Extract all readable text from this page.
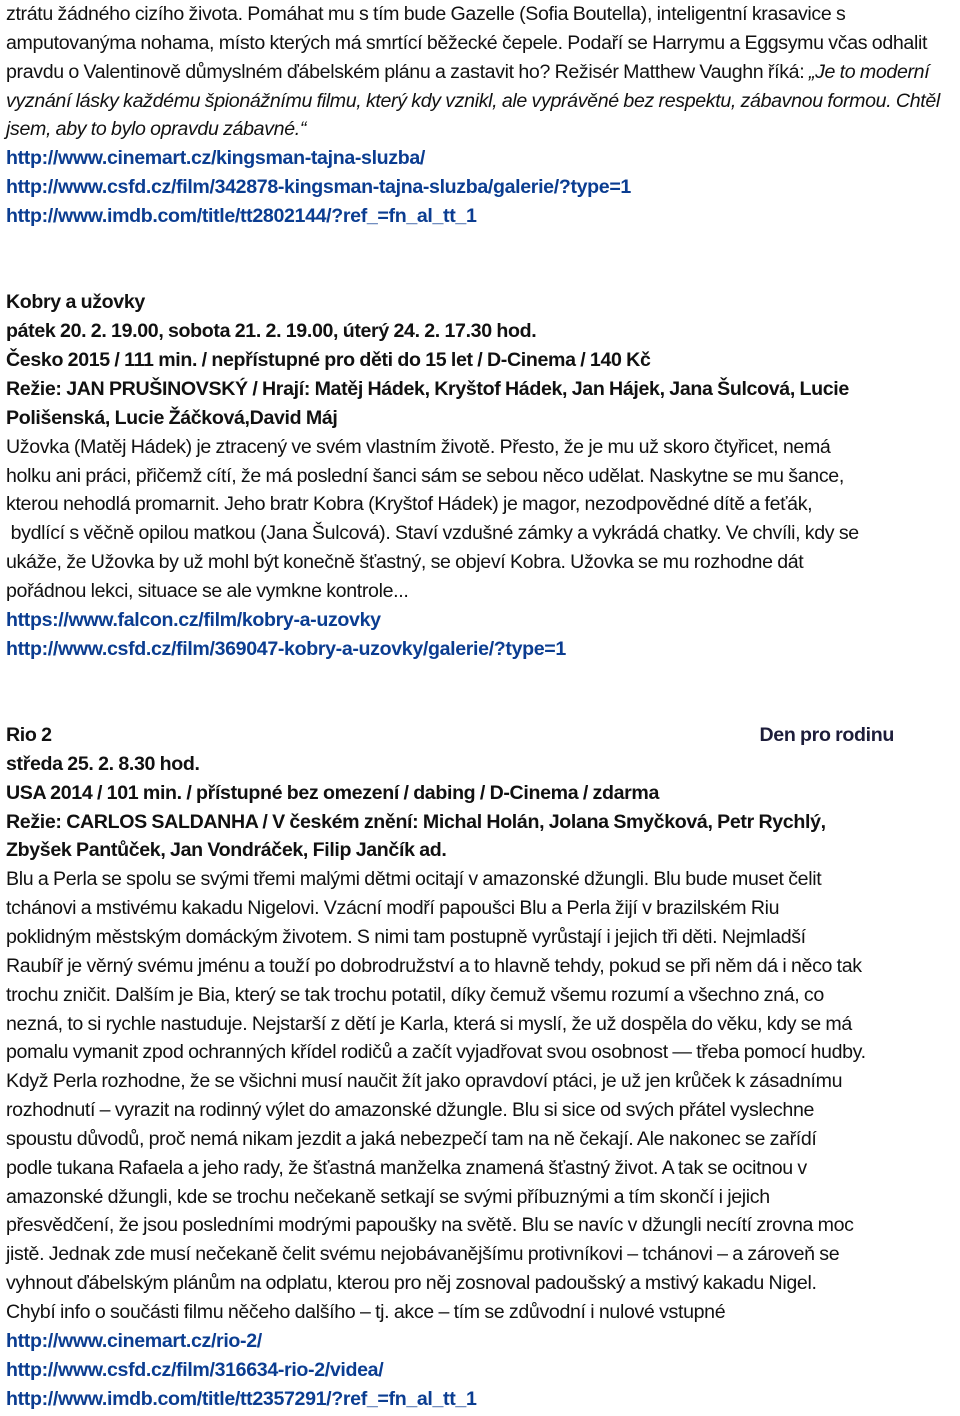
ztrátu žádného cizího života. Pomáhat mu s tím bude Gazelle (Sofia Boutella), inteligentní krasavice s amputovanýma nohama, místo kterých má smrtící běžecké čepele. Podaří se Harrymu a Eggsymu včas odhalit pravdu o Valentinově důmyslném ďábelském plánu a zastavit ho? Režisér Matthew Vaughn říká: „Je to moderní vyznání lásky každému špionážnímu filmu, který kdy vznikl, ale vyprávěné bez respektu, zábavnou formou. Chtěl jsem, aby to bylo opravdu zábavné.“

http://www.cinemart.cz/kingsman-tajna-sluzba/
http://www.csfd.cz/film/342878-kingsman-tajna-sluzba/galerie/?type=1
http://www.imdb.com/title/tt2802144/?ref_=fn_al_tt_1
Kobry a užovky
pátek 20. 2. 19.00, sobota 21. 2. 19.00, úterý 24. 2. 17.30 hod.
Česko 2015 / 111 min. / nepřístupné pro děti do 15 let / D-Cinema / 140 Kč
Režie: JAN PRUŠINOVSKÝ / Hrají: Matěj Hádek, Kryštof Hádek, Jan Hájek, Jana Šulcová, Lucie Polišenská, Lucie Žáčková,David Máj
Užovka (Matěj Hádek) je ztracený ve svém vlastním životě. Přesto, že je mu už skoro čtyřicet, nemá
holku ani práci, přičemž cítí, že má poslední šanci sám se sebou něco udělat. Naskytne se mu šance,
kterou nehodlá promarnit. Jeho bratr Kobra (Kryštof Hádek) je magor, nezodpovědné dítě a feťák,
bydlící s věčně opilou matkou (Jana Šulcová). Staví vzdušné zámky a vykrádá chatky. Ve chvíli, kdy se
ukáže, že Užovka by už mohl být konečně šťastný, se objeví Kobra. Užovka se mu rozhodne dát
pořádnou lekci, situace se ale vymkne kontrole...
https://www.falcon.cz/film/kobry-a-uzovky
http://www.csfd.cz/film/369047-kobry-a-uzovky/galerie/?type=1
Rio 2	Den pro rodinu
středa 25. 2. 8.30 hod.
USA 2014 / 101 min. / přístupné bez omezení / dabing / D-Cinema / zdarma
Režie: CARLOS SALDANHA / V českém znění: Michal Holán, Jolana Smyčková, Petr Rychlý,
Zbyšek Pantůček, Jan Vondráček, Filip Jančík ad.
Blu a Perla se spolu se svými třemi malými dětmi ocitají v amazonské džungli. Blu bude muset čelit
tchánovi a mstivému kakadu Nigelovi. Vzácní modří papoušci Blu a Perla žijí v brazilském Riu
poklidným městským domáckým životem. S nimi tam postupně vyrůstají i jejich tři děti. Nejmladší
Raubíř je věrný svému jménu a touží po dobrodružství a to hlavně tehdy, pokud se při něm dá i něco tak
trochu zničit. Dalším je Bia, který se tak trochu potatil, díky čemuž všemu rozumí a všechno zná, co
nezná, to si rychle nastuduje. Nejstarší z dětí je Karla, která si myslí, že už dospěla do věku, kdy se má
pomalu vymanit zpod ochranných křídel rodičů a začít vyjadřovat svou osobnost — třeba pomocí hudby.
Když Perla rozhodne, že se všichni musí naučit žít jako opravdoví ptáci, je už jen krůček k zásadnímu
rozhodnutí – vyrazit na rodinný výlet do amazonské džungle. Blu si sice od svých přátel vyslechne
spoustu důvodů, proč nemá nikam jezdit a jaká nebezpečí tam na ně čekají. Ale nakonec se zařídí
podle tukana Rafaela a jeho rady, že šťastná manželka znamená šťastný život. A tak se ocitnou v
amazonské džungli, kde se trochu nečekaně setkají se svými příbuznými a tím skončí i jejich
přesvědčení, že jsou posledními modrými papoušky na světě. Blu se navíc v džungli necítí zrovna moc
jistě. Jednak zde musí nečekaně čelit svému nejobávanějšímu protivníkovi – tchánovi – a zároveň se
vyhnout ďábelským plánům na odplatu, kterou pro něj zosnoval padoušský a mstivý kakadu Nigel.
Chybí info o součásti filmu něčeho dalšího – tj. akce – tím se zdůvodní i nulové vstupné
http://www.cinemart.cz/rio-2/
http://www.csfd.cz/film/316634-rio-2/videa/
http://www.imdb.com/title/tt2357291/?ref_=fn_al_tt_1
